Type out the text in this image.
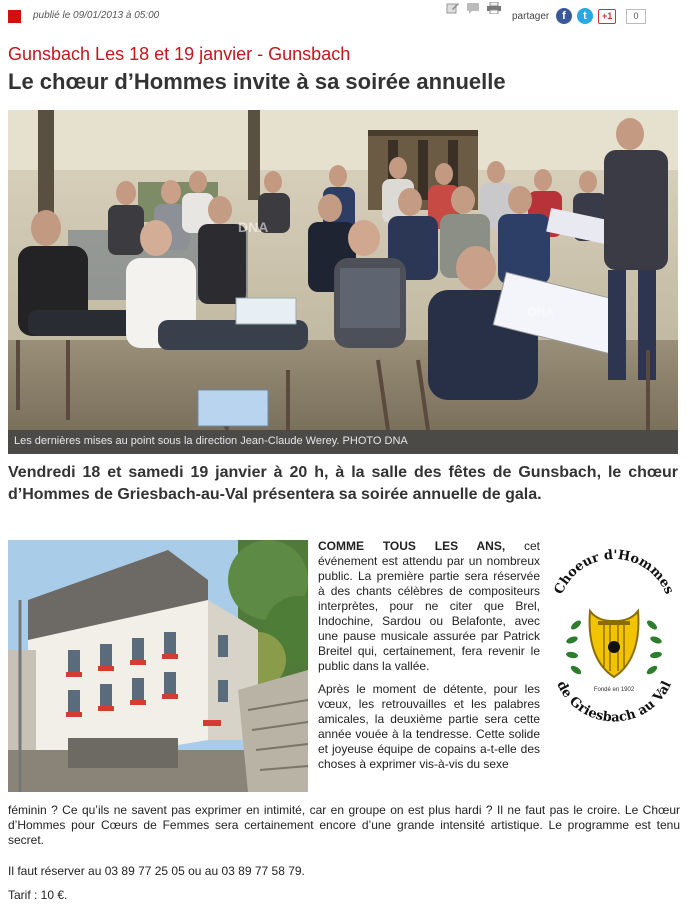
publié le 09/01/2013 à 05:00	partager	f	t	+1	0
Gunsbach Les 18 et 19 janvier - Gunsbach
Le chœur d’Hommes invite à sa soirée annuelle
DNA
DNA
Les dernières mises au point sous la direction Jean-Claude Werey. PHOTO DNA

Vendredi 18 et samedi 19 janvier à 20 h, à la salle des fêtes de Gunsbach, le chœur d’Hommes de Griesbach-au-Val présentera sa soirée annuelle de gala.

COMME TOUS LES ANS, cet événement est attendu par un nombreux public. La première partie sera réservée à des chants célèbres de compositeurs interprètes, pour ne citer que Brel, Indochine, Sardou ou Belafonte, avec une pause musicale assurée par Patrick Breitel qui, certainement, fera revenir le public dans la vallée.

Après le moment de détente, pour les vœux, les retrouvailles et les palabres amicales, la deuxième partie sera cette année vouée à la tendresse. Cette solide et joyeuse équipe de copains a-t-elle des choses à exprimer vis-à-vis du sexe

Choeur d'Hommes
de Griesbach au Val
Fondé en 1902

féminin ? Ce qu’ils ne savent pas exprimer en intimité, car en groupe on est plus hardi ? Il ne faut pas le croire. Le Chœur d’Hommes pour Cœurs de Femmes sera certainement encore d’une grande intensité artistique. Le programme est tenu secret.

Il faut réserver au 03 89 77 25 05 ou au 03 89 77 58 79.

Tarif : 10 €.
